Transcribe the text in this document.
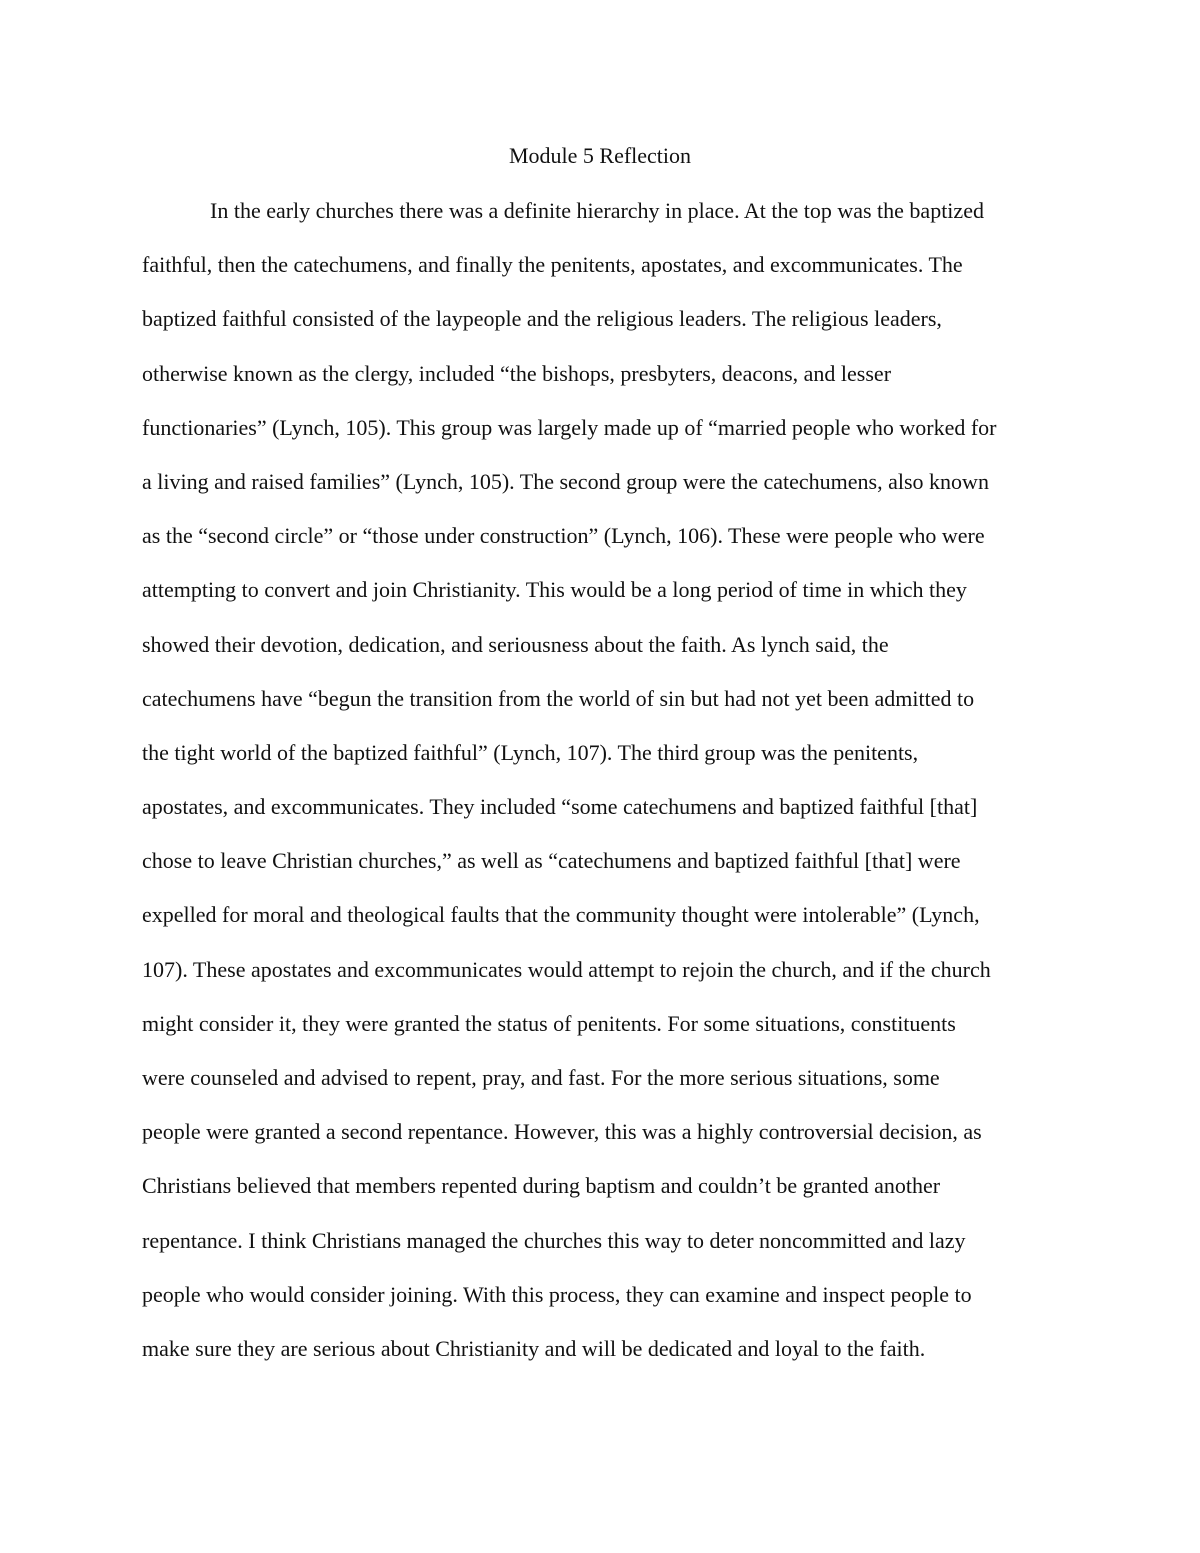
Module 5 Reflection
In the early churches there was a definite hierarchy in place. At the top was the baptized
faithful, then the catechumens, and finally the penitents, apostates, and excommunicates. The
baptized faithful consisted of the laypeople and the religious leaders. The religious leaders,
otherwise known as the clergy, included “the bishops, presbyters, deacons, and lesser
functionaries” (Lynch, 105). This group was largely made up of “married people who worked for
a living and raised families” (Lynch, 105). The second group were the catechumens, also known
as the “second circle” or “those under construction” (Lynch, 106). These were people who were
attempting to convert and join Christianity. This would be a long period of time in which they
showed their devotion, dedication, and seriousness about the faith. As lynch said, the
catechumens have “begun the transition from the world of sin but had not yet been admitted to
the tight world of the baptized faithful” (Lynch, 107). The third group was the penitents,
apostates, and excommunicates. They included “some catechumens and baptized faithful [that]
chose to leave Christian churches,” as well as “catechumens and baptized faithful [that] were
expelled for moral and theological faults that the community thought were intolerable” (Lynch,
107). These apostates and excommunicates would attempt to rejoin the church, and if the church
might consider it, they were granted the status of penitents. For some situations, constituents
were counseled and advised to repent, pray, and fast. For the more serious situations, some
people were granted a second repentance. However, this was a highly controversial decision, as
Christians believed that members repented during baptism and couldn’t be granted another
repentance. I think Christians managed the churches this way to deter noncommitted and lazy
people who would consider joining. With this process, they can examine and inspect people to
make sure they are serious about Christianity and will be dedicated and loyal to the faith.
